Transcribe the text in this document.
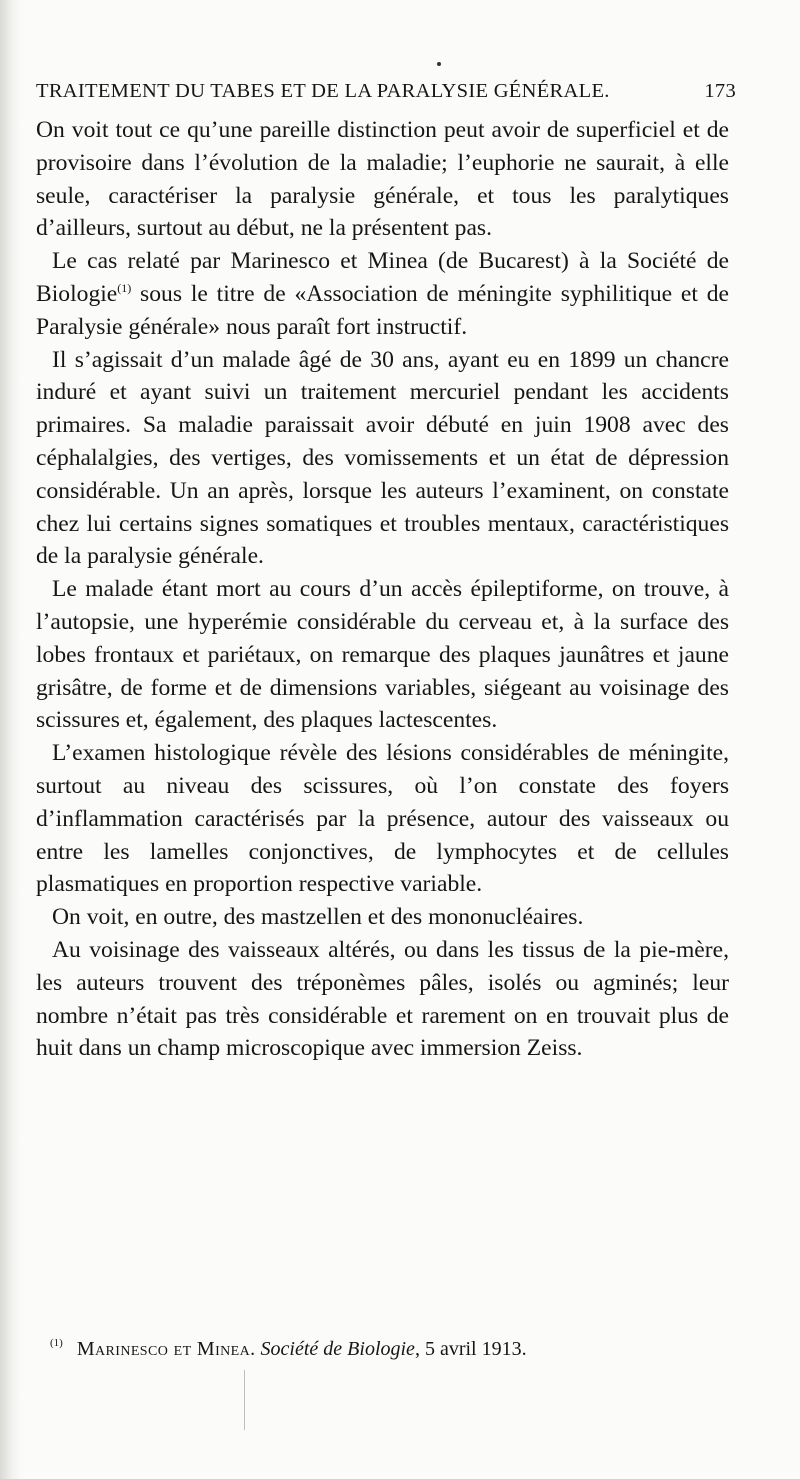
TRAITEMENT DU TABES ET DE LA PARALYSIE GÉNÉRALE.	173

On voit tout ce qu’une pareille distinction peut avoir de superficiel et de provisoire dans l’évolution de la maladie; l’euphorie ne saurait, à elle seule, caractériser la paralysie générale, et tous les paralytiques d’ailleurs, surtout au début, ne la présentent pas.

Le cas relaté par Marinesco et Minea (de Bucarest) à la Société de Biologie$^{(1)}$ sous le titre de «Association de méningite syphilitique et de Paralysie générale» nous paraît fort instructif.

Il s’agissait d’un malade âgé de 30 ans, ayant eu en 1899 un chancre induré et ayant suivi un traitement mercuriel pendant les accidents primaires. Sa maladie paraissait avoir débuté en juin 1908 avec des céphalalgies, des vertiges, des vomissements et un état de dépression considérable. Un an après, lorsque les auteurs l’examinent, on constate chez lui certains signes somatiques et troubles mentaux, caractéristiques de la paralysie générale.

Le malade étant mort au cours d’un accès épileptiforme, on trouve, à l’autopsie, une hyperémie considérable du cerveau et, à la surface des lobes frontaux et pariétaux, on remarque des plaques jaunâtres et jaune grisâtre, de forme et de dimensions variables, siégeant au voisinage des scissures et, également, des plaques lactescentes.

L’examen histologique révèle des lésions considérables de méningite, surtout au niveau des scissures, où l’on constate des foyers d’inflammation caractérisés par la présence, autour des vaisseaux ou entre les lamelles conjonctives, de lymphocytes et de cellules plasmatiques en proportion respective variable.

On voit, en outre, des mastzellen et des mononucléaires.

Au voisinage des vaisseaux altérés, ou dans les tissus de la pie-mère, les auteurs trouvent des tréponèmes pâles, isolés ou agminés; leur nombre n’était pas très considérable et rarement on en trouvait plus de huit dans un champ microscopique avec immersion Zeiss.

$^{(1)}$ Marinesco et Minea. Société de Biologie, 5 avril 1913.
